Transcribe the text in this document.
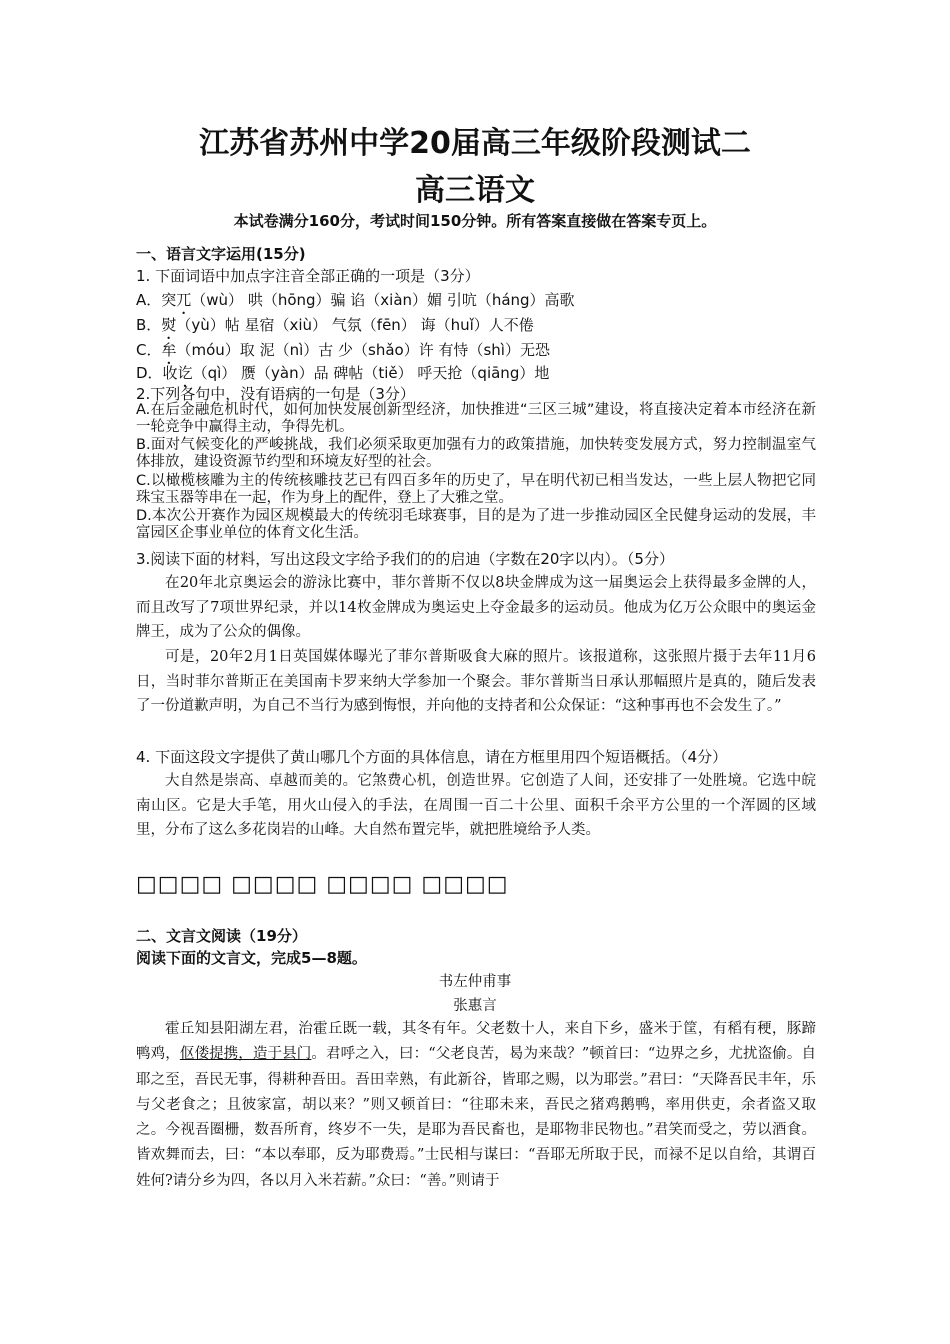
江苏省苏州中学20届高三年级阶段测试二
高三语文
本试卷满分160分，考试时间150分钟。所有答案直接做在答案专页上。
一、语言文字运用(15分)
1. 下面词语中加点字注音全部正确的一项是（3分）
A．突兀（wù） 哄（hōng）骗 谄（xiàn）媚 引吭（háng）高歌
B．熨（yù）帖 星宿（xiù） 气氛（fēn） 诲（huǐ）人不倦
C．牟（móu）取 泥（nì）古 少（shǎo）许 有恃（shì）无恐
D．收讫（qì） 赝（yàn）品 碑帖（tiě） 呼天抢（qiāng）地
2.下列各句中，没有语病的一句是（3分）
A.在后金融危机时代，如何加快发展创新型经济，加快推进“三区三城”建设，将直接决定着本市经济在新一轮竞争中赢得主动，争得先机。
B.面对气候变化的严峻挑战，我们必须采取更加强有力的政策措施，加快转变发展方式，努力控制温室气体排放，建设资源节约型和环境友好型的社会。
C.以橄榄核雕为主的传统核雕技艺已有四百多年的历史了，早在明代初已相当发达，一些上层人物把它同珠宝玉器等串在一起，作为身上的配件，登上了大雅之堂。
D.本次公开赛作为园区规模最大的传统羽毛球赛事，目的是为了进一步推动园区全民健身运动的发展，丰富园区企事业单位的体育文化生活。
3.阅读下面的材料，写出这段文字给予我们的的启迪（字数在20字以内）。（5分）
在20年北京奥运会的游泳比赛中，菲尔普斯不仅以8块金牌成为这一届奥运会上获得最多金牌的人，而且改写了7项世界纪录，并以14枚金牌成为奥运史上夺金最多的运动员。他成为亿万公众眼中的奥运金牌王，成为了公众的偶像。
可是，20年2月1日英国媒体曝光了菲尔普斯吸食大麻的照片。该报道称，这张照片摄于去年11月6日，当时菲尔普斯正在美国南卡罗来纳大学参加一个聚会。菲尔普斯当日承认那幅照片是真的，随后发表了一份道歉声明，为自己不当行为感到悔恨，并向他的支持者和公众保证：“这种事再也不会发生了。”
4. 下面这段文字提供了黄山哪几个方面的具体信息，请在方框里用四个短语概括。（4分）
大自然是崇高、卓越而美的。它煞费心机，创造世界。它创造了人间，还安排了一处胜境。它选中皖南山区。它是大手笔，用火山侵入的手法，在周围一百二十公里、面积千余平方公里的一个浑圆的区域里，分布了这么多花岗岩的山峰。大自然布置完毕，就把胜境给予人类。
□□□□ □□□□ □□□□ □□□□
二、文言文阅读（19分）
阅读下面的文言文，完成5—8题。
书左仲甫事
张惠言
霍丘知县阳湖左君，治霍丘既一载，其冬有年。父老数十人，来自下乡，盛米于筐，有稻有稉，豚蹄鸭鸡，伛偻提携，造于县门。君呼之入，曰：“父老良苦，曷为来哉？”顿首曰：“边界之乡，尤扰盗偷。自耶之至，吾民无事，得耕种吾田。吾田幸熟，有此新谷，皆耶之赐，以为耶尝。”君曰：“天降吾民丰年，乐与父老食之；且彼家富，胡以来？”则又顿首曰：“往耶未来，吾民之猪鸡鹅鸭，率用供吏，余者盗又取之。今视吾圈栅，数吾所育，终岁不一失，是耶为吾民畜也，是耶物非民物也。”君笑而受之，劳以酒食。皆欢舞而去，曰：“本以奉耶，反为耶费焉。”士民相与谋曰：“吾耶无所取于民，而禄不足以自给，其谓百姓何?请分乡为四，各以月入米若薪。”众曰：“善。”则请于
